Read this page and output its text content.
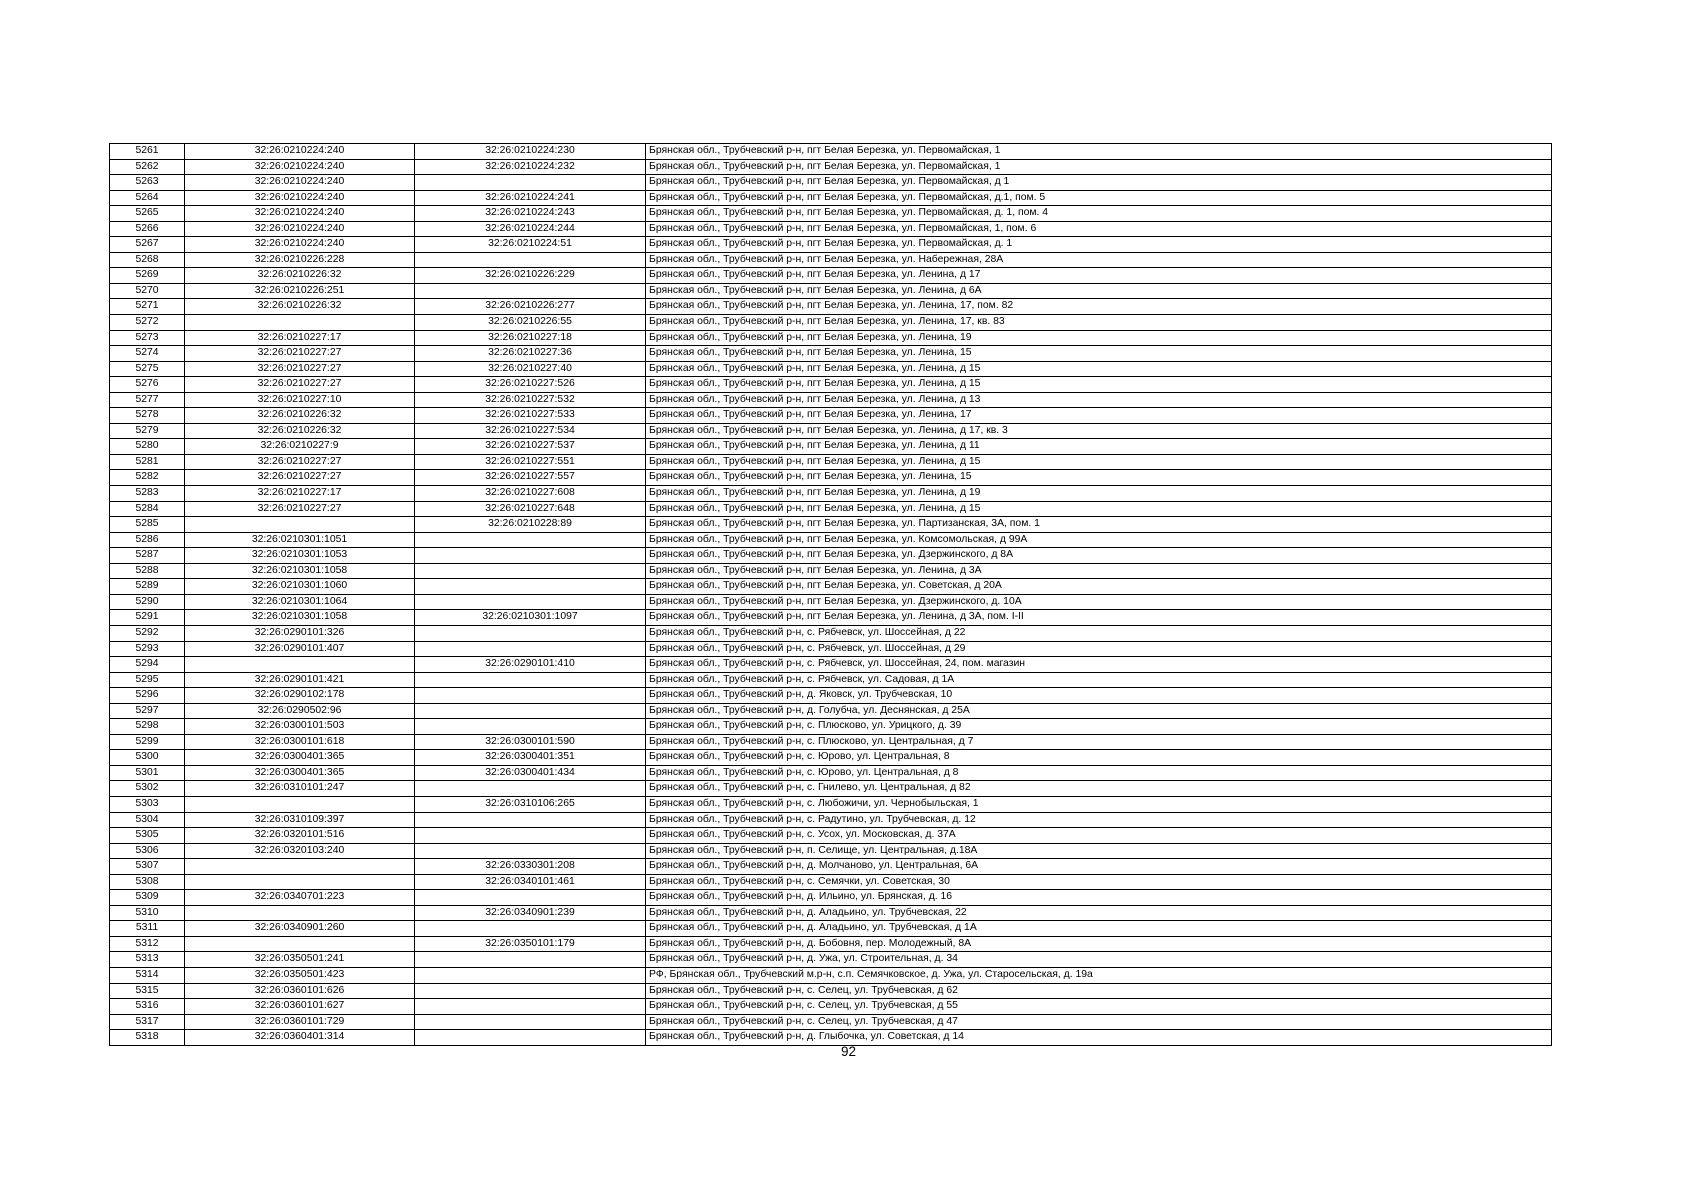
5261	32:26:0210224:240	32:26:0210224:230	Брянская обл., Трубчевский р-н, пгт Белая Березка, ул. Первомайская, 1
5262	32:26:0210224:240	32:26:0210224:232	Брянская обл., Трубчевский р-н, пгт Белая Березка, ул. Первомайская, 1
5263	32:26:0210224:240		Брянская обл., Трубчевский р-н, пгт Белая Березка, ул. Первомайская, д 1
5264	32:26:0210224:240	32:26:0210224:241	Брянская обл., Трубчевский р-н, пгт Белая Березка, ул. Первомайская, д.1, пом. 5
5265	32:26:0210224:240	32:26:0210224:243	Брянская обл., Трубчевский р-н, пгт Белая Березка, ул. Первомайская, д. 1, пом. 4
5266	32:26:0210224:240	32:26:0210224:244	Брянская обл., Трубчевский р-н, пгт Белая Березка, ул. Первомайская, 1, пом. 6
5267	32:26:0210224:240	32:26:0210224:51	Брянская обл., Трубчевский р-н, пгт Белая Березка, ул. Первомайская, д. 1
5268	32:26:0210226:228		Брянская обл., Трубчевский р-н, пгт Белая Березка, ул. Набережная, 28А
5269	32:26:0210226:32	32:26:0210226:229	Брянская обл., Трубчевский р-н, пгт Белая Березка, ул. Ленина, д 17
5270	32:26:0210226:251		Брянская обл., Трубчевский р-н, пгт Белая Березка, ул. Ленина, д 6А
5271	32:26:0210226:32	32:26:0210226:277	Брянская обл., Трубчевский р-н, пгт Белая Березка, ул. Ленина, 17, пом. 82
5272		32:26:0210226:55	Брянская обл., Трубчевский р-н, пгт Белая Березка, ул. Ленина, 17, кв. 83
5273	32:26:0210227:17	32:26:0210227:18	Брянская обл., Трубчевский р-н, пгт Белая Березка, ул. Ленина, 19
5274	32:26:0210227:27	32:26:0210227:36	Брянская обл., Трубчевский р-н, пгт Белая Березка, ул. Ленина, 15
5275	32:26:0210227:27	32:26:0210227:40	Брянская обл., Трубчевский р-н, пгт Белая Березка, ул. Ленина, д 15
5276	32:26:0210227:27	32:26:0210227:526	Брянская обл., Трубчевский р-н, пгт Белая Березка, ул. Ленина, д 15
5277	32:26:0210227:10	32:26:0210227:532	Брянская обл., Трубчевский р-н, пгт Белая Березка, ул. Ленина, д 13
5278	32:26:0210226:32	32:26:0210227:533	Брянская обл., Трубчевский р-н, пгт Белая Березка, ул. Ленина, 17
5279	32:26:0210226:32	32:26:0210227:534	Брянская обл., Трубчевский р-н, пгт Белая Березка, ул. Ленина, д 17, кв. 3
5280	32:26:0210227:9	32:26:0210227:537	Брянская обл., Трубчевский р-н, пгт Белая Березка, ул. Ленина, д 11
5281	32:26:0210227:27	32:26:0210227:551	Брянская обл., Трубчевский р-н, пгт Белая Березка, ул. Ленина, д 15
5282	32:26:0210227:27	32:26:0210227:557	Брянская обл., Трубчевский р-н, пгт Белая Березка, ул. Ленина, 15
5283	32:26:0210227:17	32:26:0210227:608	Брянская обл., Трубчевский р-н, пгт Белая Березка, ул. Ленина, д 19
5284	32:26:0210227:27	32:26:0210227:648	Брянская обл., Трубчевский р-н, пгт Белая Березка, ул. Ленина, д 15
5285		32:26:0210228:89	Брянская обл., Трубчевский р-н, пгт Белая Березка, ул. Партизанская, 3А, пом. 1
5286	32:26:0210301:1051		Брянская обл., Трубчевский р-н, пгт Белая Березка, ул. Комсомольская, д 99А
5287	32:26:0210301:1053		Брянская обл., Трубчевский р-н, пгт Белая Березка, ул. Дзержинского, д 8А
5288	32:26:0210301:1058		Брянская обл., Трубчевский р-н, пгт Белая Березка, ул. Ленина, д 3А
5289	32:26:0210301:1060		Брянская обл., Трубчевский р-н, пгт Белая Березка, ул. Советская, д 20А
5290	32:26:0210301:1064		Брянская обл., Трубчевский р-н, пгт Белая Березка, ул. Дзержинского, д. 10А
5291	32:26:0210301:1058	32:26:0210301:1097	Брянская обл., Трубчевский р-н, пгт Белая Березка, ул. Ленина, д 3А, пом. I-II
5292	32:26:0290101:326		Брянская обл., Трубчевский р-н, с. Рябчевск, ул. Шоссейная, д 22
5293	32:26:0290101:407		Брянская обл., Трубчевский р-н, с. Рябчевск, ул. Шоссейная, д 29
5294		32:26:0290101:410	Брянская обл., Трубчевский р-н, с. Рябчевск, ул. Шоссейная, 24, пом. магазин
5295	32:26:0290101:421		Брянская обл., Трубчевский р-н, с. Рябчевск, ул. Садовая, д 1А
5296	32:26:0290102:178		Брянская обл., Трубчевский р-н, д. Яковск, ул. Трубчевская, 10
5297	32:26:0290502:96		Брянская обл., Трубчевский р-н, д. Голубча, ул. Деснянская, д 25А
5298	32:26:0300101:503		Брянская обл., Трубчевский р-н, с. Плюсково, ул. Урицкого, д. 39
5299	32:26:0300101:618	32:26:0300101:590	Брянская обл., Трубчевский р-н, с. Плюсково, ул. Центральная, д 7
5300	32:26:0300401:365	32:26:0300401:351	Брянская обл., Трубчевский р-н, с. Юрово, ул. Центральная, 8
5301	32:26:0300401:365	32:26:0300401:434	Брянская обл., Трубчевский р-н, с. Юрово, ул. Центральная, д 8
5302	32:26:0310101:247		Брянская обл., Трубчевский р-н, с. Гнилево, ул. Центральная, д 82
5303		32:26:0310106:265	Брянская обл., Трубчевский р-н, с. Любожичи, ул. Чернобыльская, 1
5304	32:26:0310109:397		Брянская обл., Трубчевский р-н, с. Радутино, ул. Трубчевская, д. 12
5305	32:26:0320101:516		Брянская обл., Трубчевский р-н, с. Усох, ул. Московская, д. 37А
5306	32:26:0320103:240		Брянская обл., Трубчевский р-н, п. Селище, ул. Центральная, д.18А
5307		32:26:0330301:208	Брянская обл., Трубчевский р-н, д. Молчаново, ул. Центральная, 6А
5308		32:26:0340101:461	Брянская обл., Трубчевский р-н, с. Семячки, ул. Советская, 30
5309	32:26:0340701:223		Брянская обл., Трубчевский р-н, д. Ильино, ул. Брянская, д. 16
5310		32:26:0340901:239	Брянская обл., Трубчевский р-н, д. Аладьино, ул. Трубчевская, 22
5311	32:26:0340901:260		Брянская обл., Трубчевский р-н, д. Аладьино, ул. Трубчевская, д 1А
5312		32:26:0350101:179	Брянская обл., Трубчевский р-н, д. Бобовня, пер. Молодежный, 8А
5313	32:26:0350501:241		Брянская обл., Трубчевский р-н, д. Ужа, ул. Строительная, д. 34
5314	32:26:0350501:423		РФ, Брянская обл., Трубчевский м.р-н, с.п. Семячковское, д. Ужа, ул. Старосельская, д. 19а
5315	32:26:0360101:626		Брянская обл., Трубчевский р-н, с. Селец, ул. Трубчевская, д 62
5316	32:26:0360101:627		Брянская обл., Трубчевский р-н, с. Селец, ул. Трубчевская, д 55
5317	32:26:0360101:729		Брянская обл., Трубчевский р-н, с. Селец, ул. Трубчевская, д 47
5318	32:26:0360401:314		Брянская обл., Трубчевский р-н, д. Глыбочка, ул. Советская, д 14
92
